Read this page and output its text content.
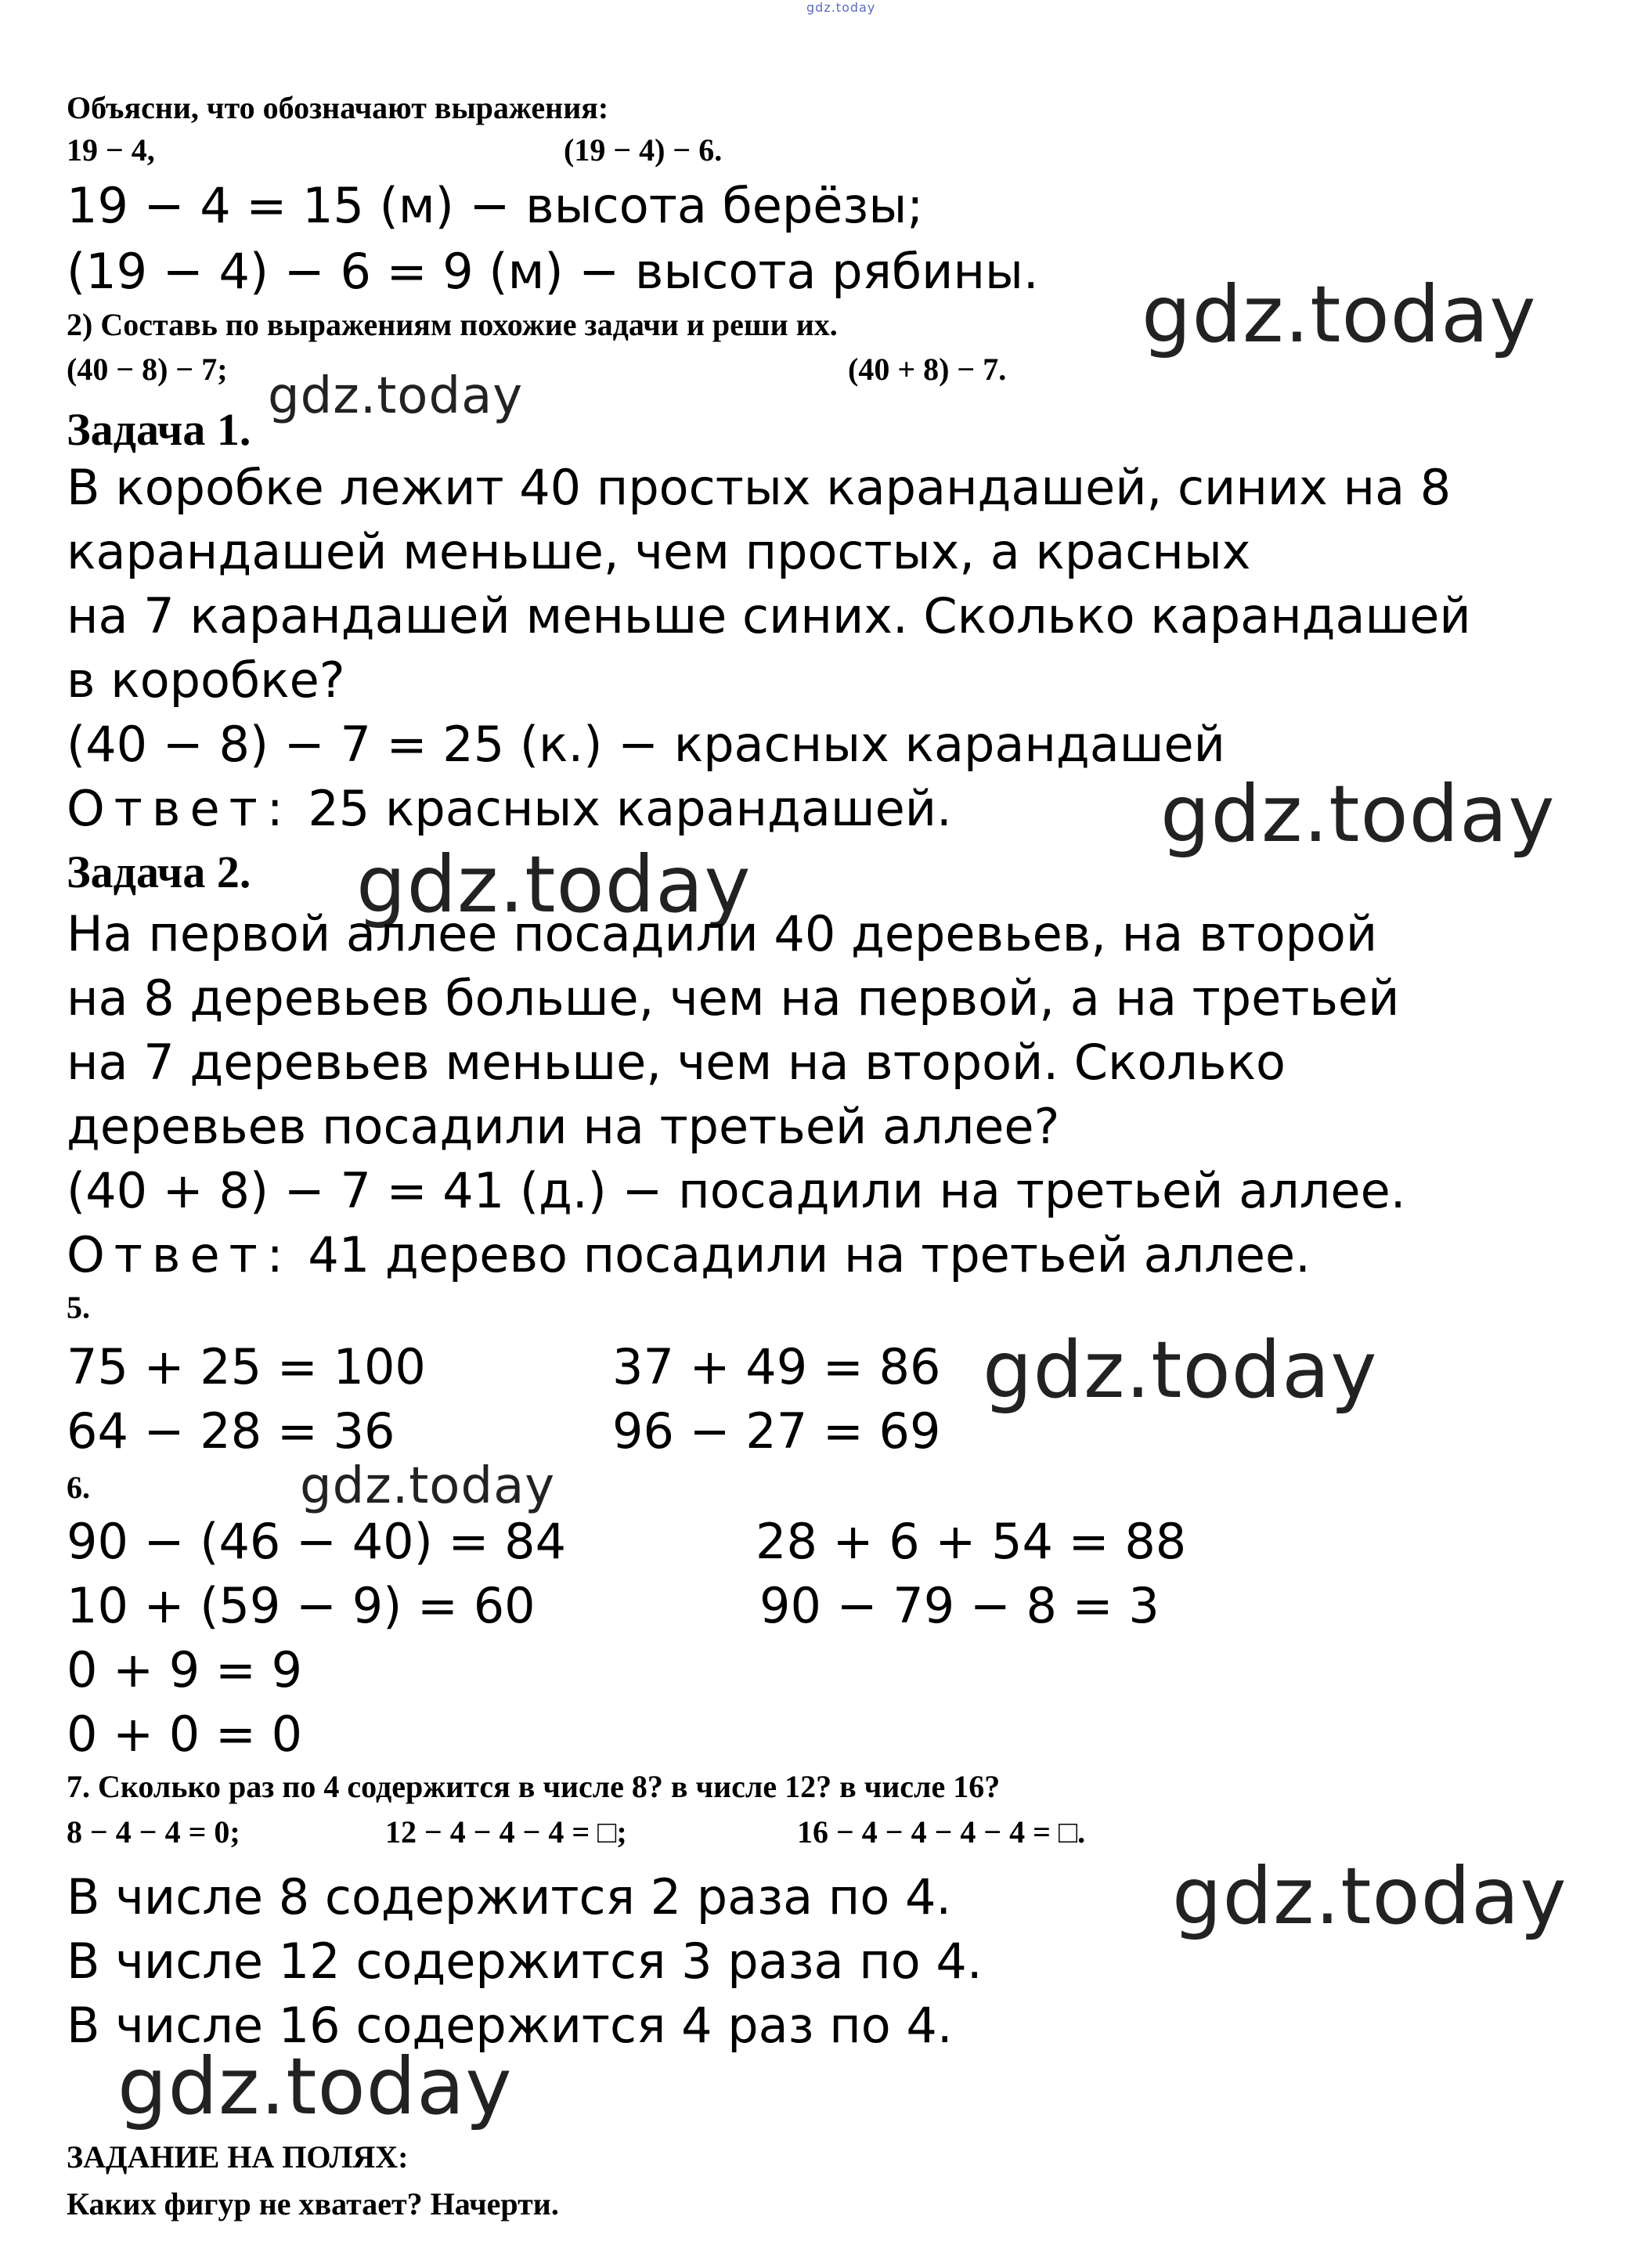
gdz.today
Объясни, что обозначают выражения:
19 − 4,	(19 − 4) − 6.
19 − 4 = 15 (м) − высота берёзы;
(19 − 4) − 6 = 9 (м) − высота рябины.
2) Составь по выражениям похожие задачи и реши их.
(40 − 8) − 7;	(40 + 8) − 7.
gdz.today
Задача 1.
gdz.today
В коробке лежит 40 простых карандашей, синих на 8
карандашей меньше, чем простых, а красных
на 7 карандашей меньше синих. Сколько карандашей
в коробке?
(40 − 8) − 7 = 25 (к.) − красных карандашей
Ответ: 25 красных карандашей.	gdz.today
Задача 2. gdz.today
На первой аллее посадили 40 деревьев, на второй
на 8 деревьев больше, чем на первой, а на третьей
на 7 деревьев меньше, чем на второй. Сколько
деревьев посадили на третьей аллее?
(40 + 8) − 7 = 41 (д.) − посадили на третьей аллее.
Ответ: 41 дерево посадили на третьей аллее.
5.
75 + 25 = 100	37 + 49 = 86
64 − 28 = 36	96 − 27 = 69
gdz.today
6.	gdz.today
90 − (46 − 40) = 84	28 + 6 + 54 = 88
10 + (59 − 9) = 60	90 − 79 − 8 = 3
0 + 9 = 9
0 + 0 = 0
7. Сколько раз по 4 содержится в числе 8? в числе 12? в числе 16?
8 − 4 − 4 = 0;	12 − 4 − 4 − 4 = □;	16 − 4 − 4 − 4 − 4 = □.
В числе 8 содержится 2 раза по 4.	gdz.today
В числе 12 содержится 3 раза по 4.
В числе 16 содержится 4 раз по 4.
gdz.today
ЗАДАНИЕ НА ПОЛЯХ:
Каких фигур не хватает? Начерти.
